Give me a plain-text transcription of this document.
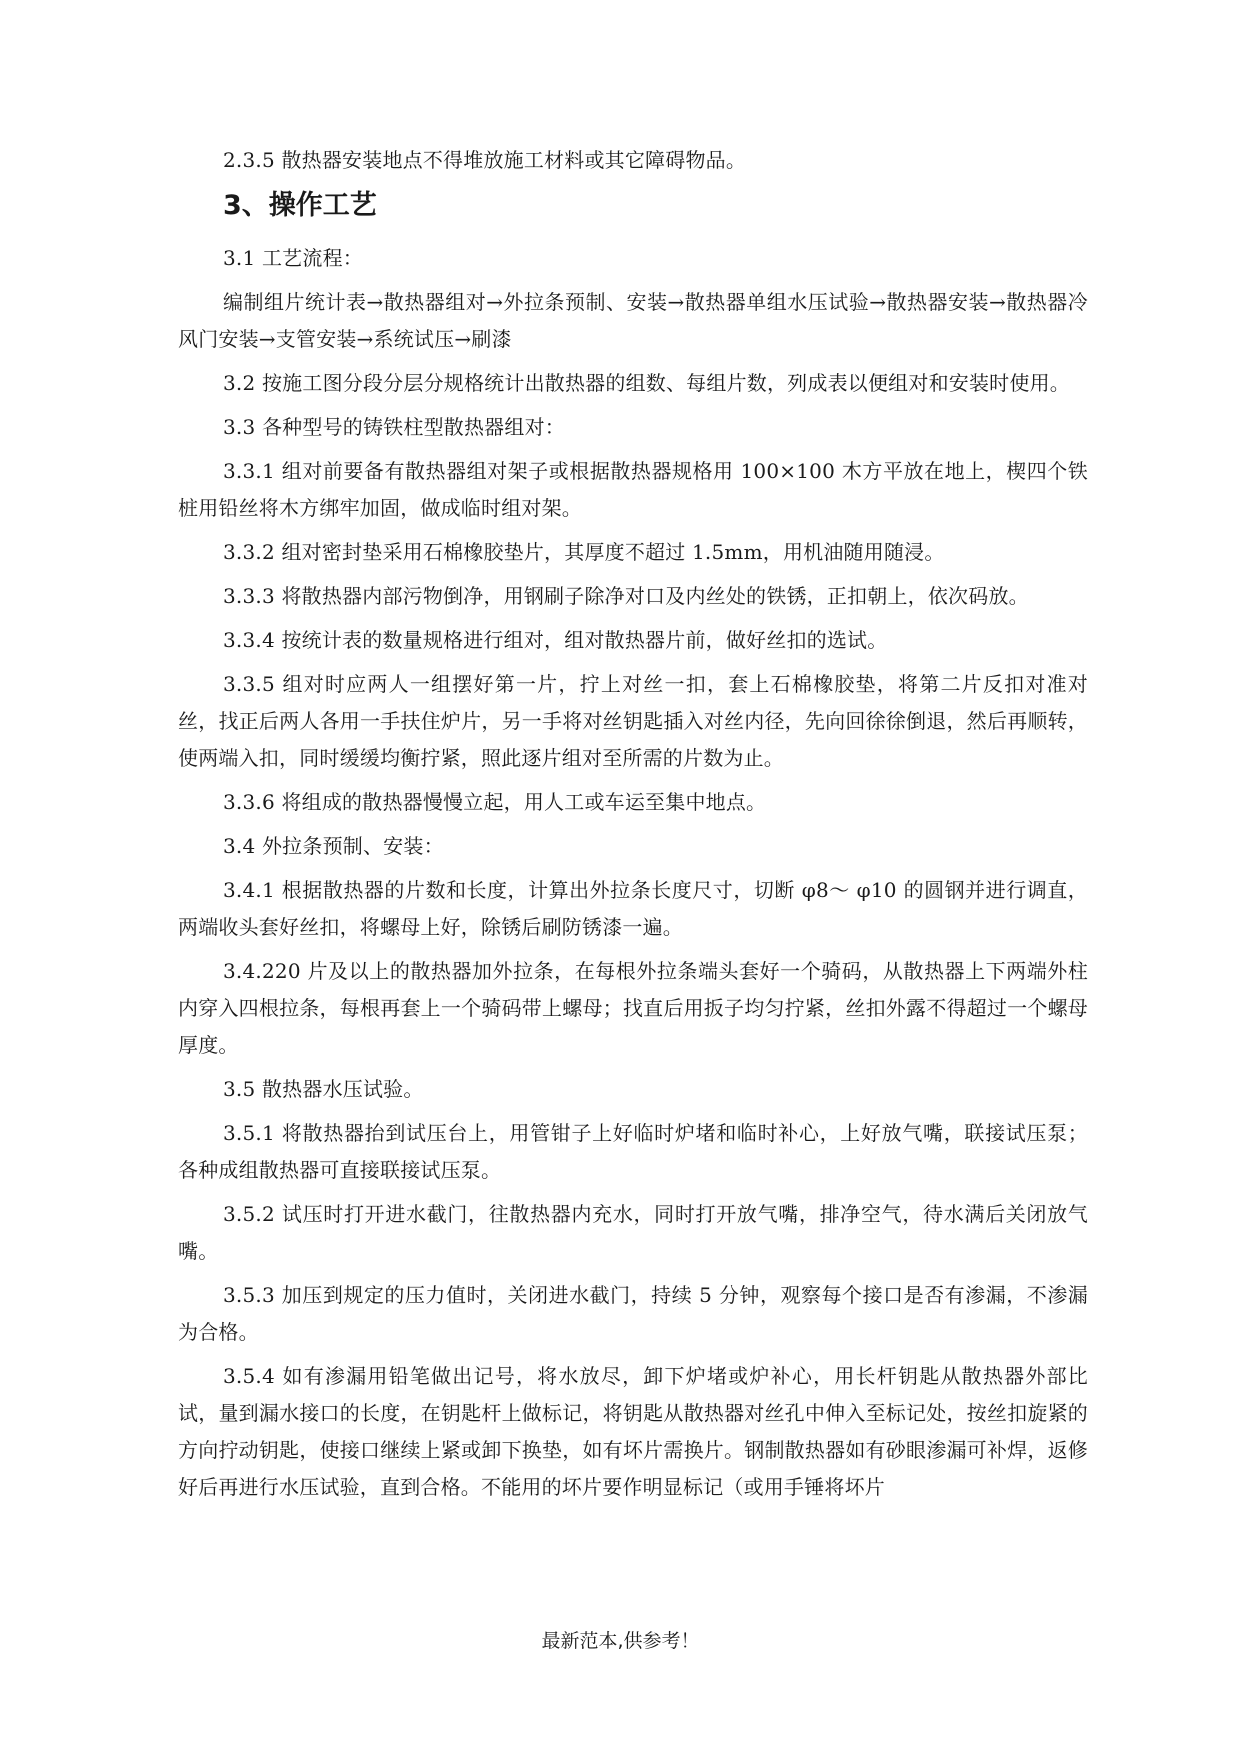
2.3.5 散热器安装地点不得堆放施工材料或其它障碍物品。

3、操作工艺

3.1 工艺流程：

编制组片统计表→散热器组对→外拉条预制、安装→散热器单组水压试验→散热器安装→散热器冷风门安装→支管安装→系统试压→刷漆

3.2 按施工图分段分层分规格统计出散热器的组数、每组片数，列成表以便组对和安装时使用。

3.3 各种型号的铸铁柱型散热器组对：

3.3.1 组对前要备有散热器组对架子或根据散热器规格用 100×100 木方平放在地上，楔四个铁桩用铅丝将木方绑牢加固，做成临时组对架。

3.3.2 组对密封垫采用石棉橡胶垫片，其厚度不超过 1.5mm，用机油随用随浸。

3.3.3 将散热器内部污物倒净，用钢刷子除净对口及内丝处的铁锈，正扣朝上，依次码放。

3.3.4 按统计表的数量规格进行组对，组对散热器片前，做好丝扣的选试。

3.3.5 组对时应两人一组摆好第一片，拧上对丝一扣，套上石棉橡胶垫，将第二片反扣对准对丝，找正后两人各用一手扶住炉片，另一手将对丝钥匙插入对丝内径，先向回徐徐倒退，然后再顺转，使两端入扣，同时缓缓均衡拧紧，照此逐片组对至所需的片数为止。

3.3.6 将组成的散热器慢慢立起，用人工或车运至集中地点。

3.4 外拉条预制、安装：

3.4.1 根据散热器的片数和长度，计算出外拉条长度尺寸，切断 φ8～ φ10 的圆钢并进行调直，两端收头套好丝扣，将螺母上好，除锈后刷防锈漆一遍。

3.4.220 片及以上的散热器加外拉条，在每根外拉条端头套好一个骑码，从散热器上下两端外柱内穿入四根拉条，每根再套上一个骑码带上螺母；找直后用扳子均匀拧紧，丝扣外露不得超过一个螺母厚度。

3.5 散热器水压试验。

3.5.1 将散热器抬到试压台上，用管钳子上好临时炉堵和临时补心，上好放气嘴，联接试压泵；各种成组散热器可直接联接试压泵。

3.5.2 试压时打开进水截门，往散热器内充水，同时打开放气嘴，排净空气，待水满后关闭放气嘴。

3.5.3 加压到规定的压力值时，关闭进水截门，持续 5 分钟，观察每个接口是否有渗漏，不渗漏为合格。

3.5.4 如有渗漏用铅笔做出记号，将水放尽，卸下炉堵或炉补心，用长杆钥匙从散热器外部比试，量到漏水接口的长度，在钥匙杆上做标记，将钥匙从散热器对丝孔中伸入至标记处，按丝扣旋紧的方向拧动钥匙，使接口继续上紧或卸下换垫，如有坏片需换片。钢制散热器如有砂眼渗漏可补焊，返修好后再进行水压试验，直到合格。不能用的坏片要作明显标记（或用手锤将坏片

最新范本,供参考！
